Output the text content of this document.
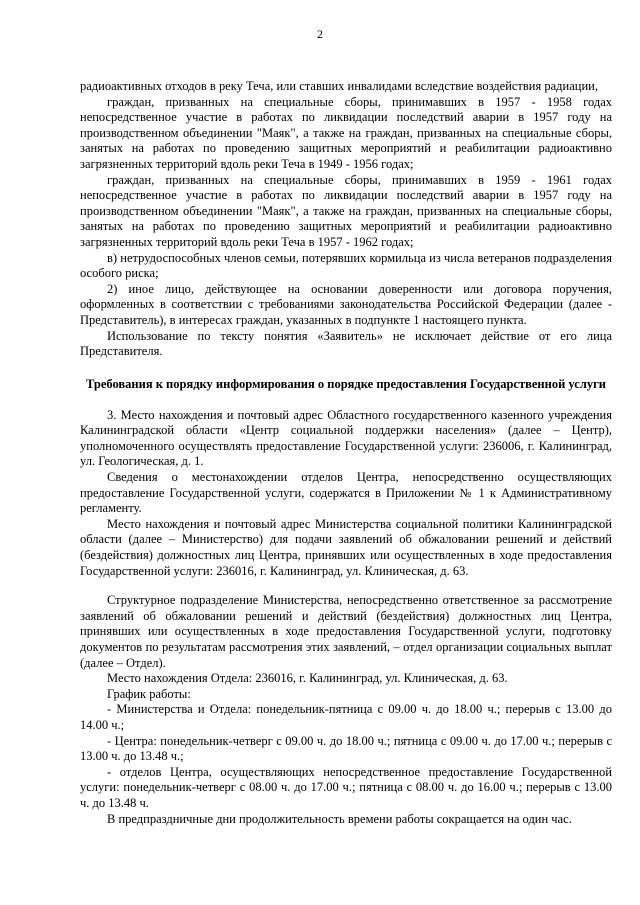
2

радиоактивных отходов в реку Теча, или ставших инвалидами вследствие воздействия радиации,

граждан, призванных на специальные сборы, принимавших в 1957 - 1958 годах непосредственное участие в работах по ликвидации последствий аварии в 1957 году на производственном объединении "Маяк", а также на граждан, призванных на специальные сборы, занятых на работах по проведению защитных мероприятий и реабилитации радиоактивно загрязненных территорий вдоль реки Теча в 1949 - 1956 годах;

граждан, призванных на специальные сборы, принимавших в 1959 - 1961 годах непосредственное участие в работах по ликвидации последствий аварии в 1957 году на производственном объединении "Маяк", а также на граждан, призванных на специальные сборы, занятых на работах по проведению защитных мероприятий и реабилитации радиоактивно загрязненных территорий вдоль реки Теча в 1957 - 1962 годах;

в) нетрудоспособных членов семьи, потерявших кормильца из числа ветеранов подразделения особого риска;

2) иное лицо, действующее на основании доверенности или договора поручения, оформленных в соответствии с требованиями законодательства Российской Федерации (далее - Представитель), в интересах граждан, указанных в подпункте 1 настоящего пункта.

Использование по тексту понятия «Заявитель» не исключает действие от его лица Представителя.

Требования к порядку информирования о порядке предоставления Государственной услуги

3. Место нахождения и почтовый адрес Областного государственного казенного учреждения Калининградской области «Центр социальной поддержки населения» (далее – Центр), уполномоченного осуществлять предоставление Государственной услуги: 236006, г. Калининград, ул. Геологическая, д. 1.

Сведения о местонахождении отделов Центра, непосредственно осуществляющих предоставление Государственной услуги, содержатся в Приложении № 1 к Административному регламенту.

Место нахождения и почтовый адрес Министерства социальной политики Калининградской области (далее – Министерство) для подачи заявлений об обжаловании решений и действий (бездействия) должностных лиц Центра, принявших или осуществленных в ходе предоставления Государственной услуги: 236016, г. Калининград, ул. Клиническая, д. 63.

Структурное подразделение Министерства, непосредственно ответственное за рассмотрение заявлений об обжаловании решений и действий (бездействия) должностных лиц Центра, принявших или осуществленных в ходе предоставления Государственной услуги, подготовку документов по результатам рассмотрения этих заявлений, – отдел организации социальных выплат (далее – Отдел).

Место нахождения Отдела: 236016, г. Калининград, ул. Клиническая, д. 63.

График работы:

- Министерства и Отдела: понедельник-пятница с 09.00 ч. до 18.00 ч.; перерыв с 13.00 до 14.00 ч.;

- Центра: понедельник-четверг с 09.00 ч. до 18.00 ч.; пятница с 09.00 ч. до 17.00 ч.; перерыв с 13.00 ч. до 13.48 ч.;

- отделов Центра, осуществляющих непосредственное предоставление Государственной услуги: понедельник-четверг с 08.00 ч. до 17.00 ч.; пятница с 08.00 ч. до 16.00 ч.; перерыв с 13.00 ч. до 13.48 ч.

В предпраздничные дни продолжительность времени работы сокращается на один час.
